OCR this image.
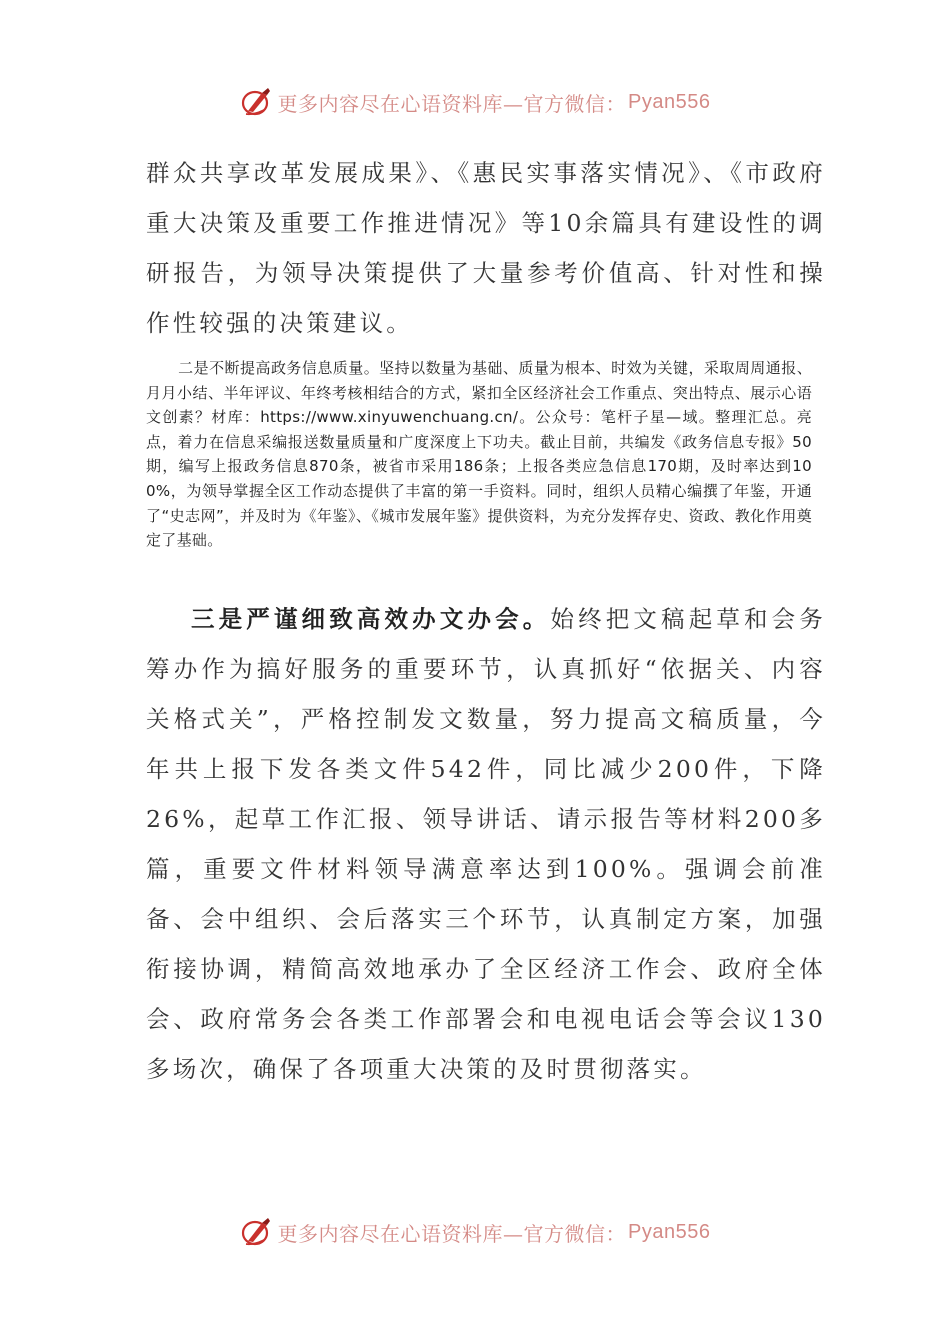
更多内容尽在心语资料库—官方微信： Pyan556

群众共享改革发展成果》、《惠民实事落实情况》、《市政府重大决策及重要工作推进情况》等10余篇具有建设性的调研报告，为领导决策提供了大量参考价值高、针对性和操作性较强的决策建议。

二是不断提高政务信息质量。坚持以数量为基础、质量为根本、时效为关键，采取周周通报、月月小结、半年评议、年终考核相结合的方式，紧扣全区经济社会工作重点、突出特点、展示心语文创素？材库：https://www.xinyuwenchuang.cn/。公众号：笔杆子星—域。整理汇总。亮点，着力在信息采编报送数量质量和广度深度上下功夫。截止目前，共编发《政务信息专报》50期，编写上报政务信息870条，被省市采用186条；上报各类应急信息170期，及时率达到100%，为领导掌握全区工作动态提供了丰富的第一手资料。同时，组织人员精心编撰了年鉴，开通了“史志网”，并及时为《年鉴》、《城市发展年鉴》提供资料，为充分发挥存史、资政、教化作用奠定了基础。

三是严谨细致高效办文办会。始终把文稿起草和会务筹办作为搞好服务的重要环节，认真抓好“依据关、内容关格式关”，严格控制发文数量，努力提高文稿质量，今年共上报下发各类文件542件，同比减少200件，下降26%，起草工作汇报、领导讲话、请示报告等材料200多篇，重要文件材料领导满意率达到100%。强调会前准备、会中组织、会后落实三个环节，认真制定方案，加强衔接协调，精简高效地承办了全区经济工作会、政府全体会、政府常务会各类工作部署会和电视电话会等会议130多场次，确保了各项重大决策的及时贯彻落实。

更多内容尽在心语资料库—官方微信： Pyan556
